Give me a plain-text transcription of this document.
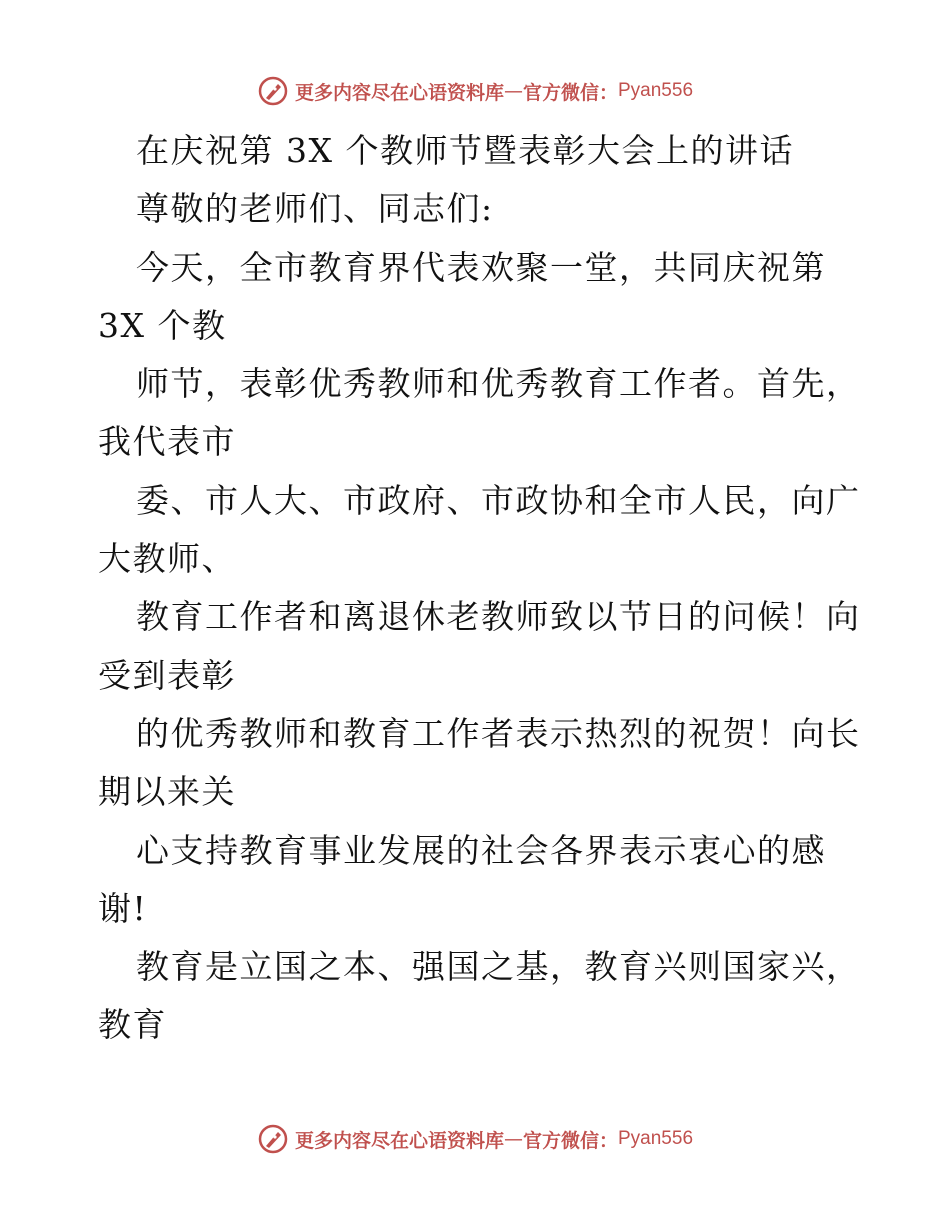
更多内容尽在心语资料库 — 官方微信： Pyan556
在庆祝第 3X 个教师节暨表彰大会上的讲话
尊敬的老师们、同志们:
今天，全市教育界代表欢聚一堂，共同庆祝第
3X 个教
师节，表彰优秀教师和优秀教育工作者。首先，
我代表市
委、市人大、市政府、市政协和全市人民，向广
大教师、
教育工作者和离退休老教师致以节日的问候！向
受到表彰
的优秀教师和教育工作者表示热烈的祝贺！向长
期以来关
心支持教育事业发展的社会各界表示衷心的感
谢!
教育是立国之本、强国之基，教育兴则国家兴，
教育
更多内容尽在心语资料库 — 官方微信： Pyan556
